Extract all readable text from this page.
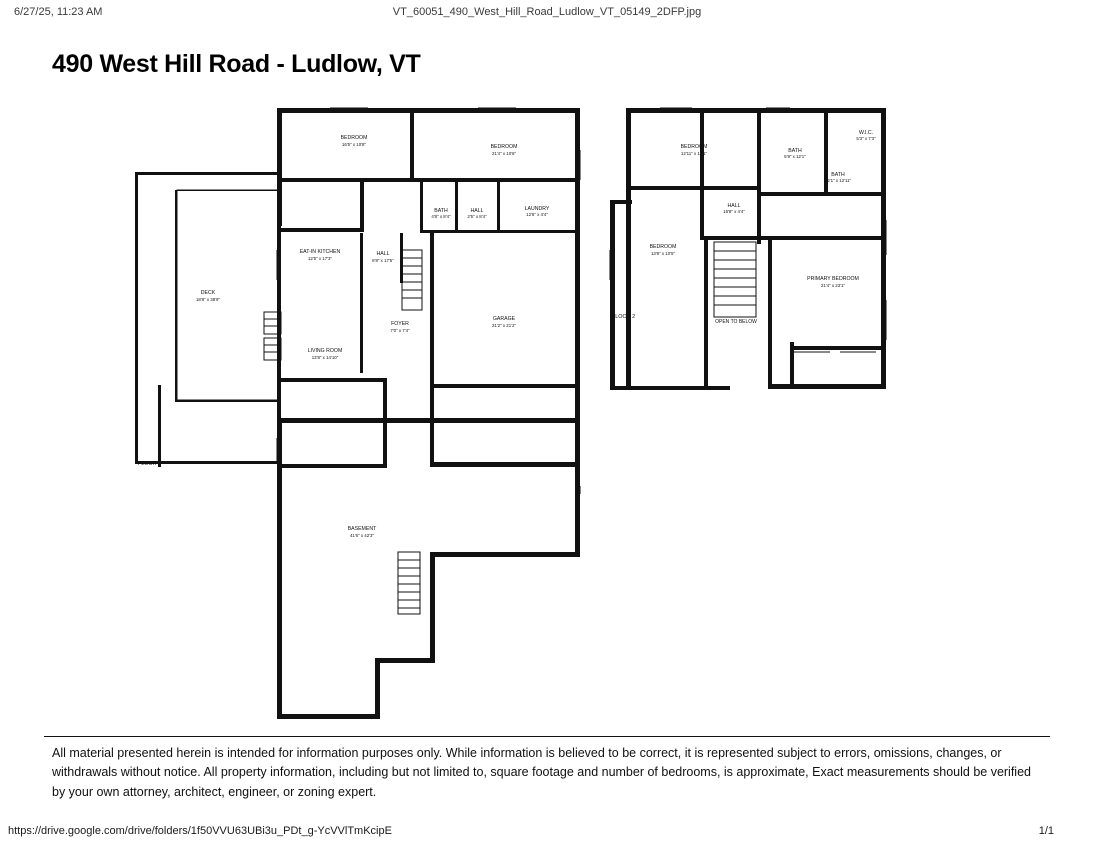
6/27/25, 11:23 AM	VT_60051_490_West_Hill_Road_Ludlow_VT_05149_2DFP.jpg
490 West Hill Road - Ludlow, VT
BEDROOM
16'5" x 10'8"	BEDROOM
21'4" x 10'6"
BATH
4'8" x 8'4"
HALL
2'5" x 8'4"
LAUNDRY
12'6" x 4'4"
EAT-IN KITCHEN
12'5" x 17'3"
HALL
8'8" x 17'5"
DECK
18'8" x 38'9"
FOYER
7'0" x 7'4"
GARAGE
21'2" x 21'2"
LIVING ROOM
13'8" x 14'10"
FLOOR 1
BASEMENT
41'6" x 42'3"
BEDROOM
12'11" x 12'1"	BATH
5'9" x 12'1"
W.I.C.
5'3" x 7'3"
BATH
12'1" x 12'11"
HALL
15'8" x 4'4"
BEDROOM
13'8" x 10'5"
PRIMARY BEDROOM
21'4" x 23'1"
OPEN TO BELOW
FLOOR 2
All material presented herein is intended for information purposes only. While information is believed to be correct, it is represented subject to errors, omissions, changes, or withdrawals without notice. All property information, including but not limited to, square footage and number of bedrooms, is approximate, Exact measurements should be verified by your own attorney, architect, engineer, or zoning expert.
https://drive.google.com/drive/folders/1f50VVU63UBi3u_PDt_g-YcVVlTmKcipE	1/1
